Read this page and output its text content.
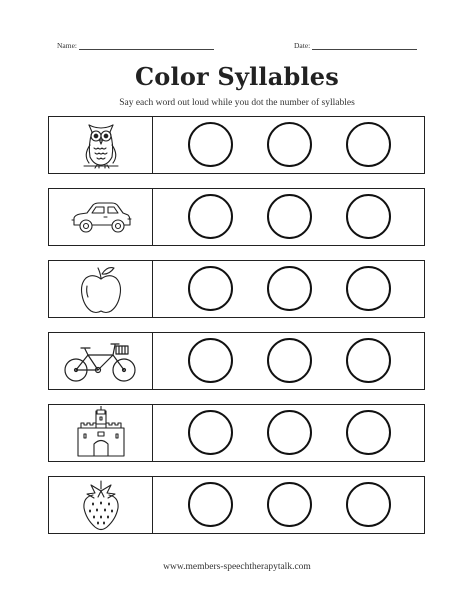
Name:	Date:
Color Syllables
Say each word out loud while you dot the number of syllables
www.members-speechtherapytalk.com
